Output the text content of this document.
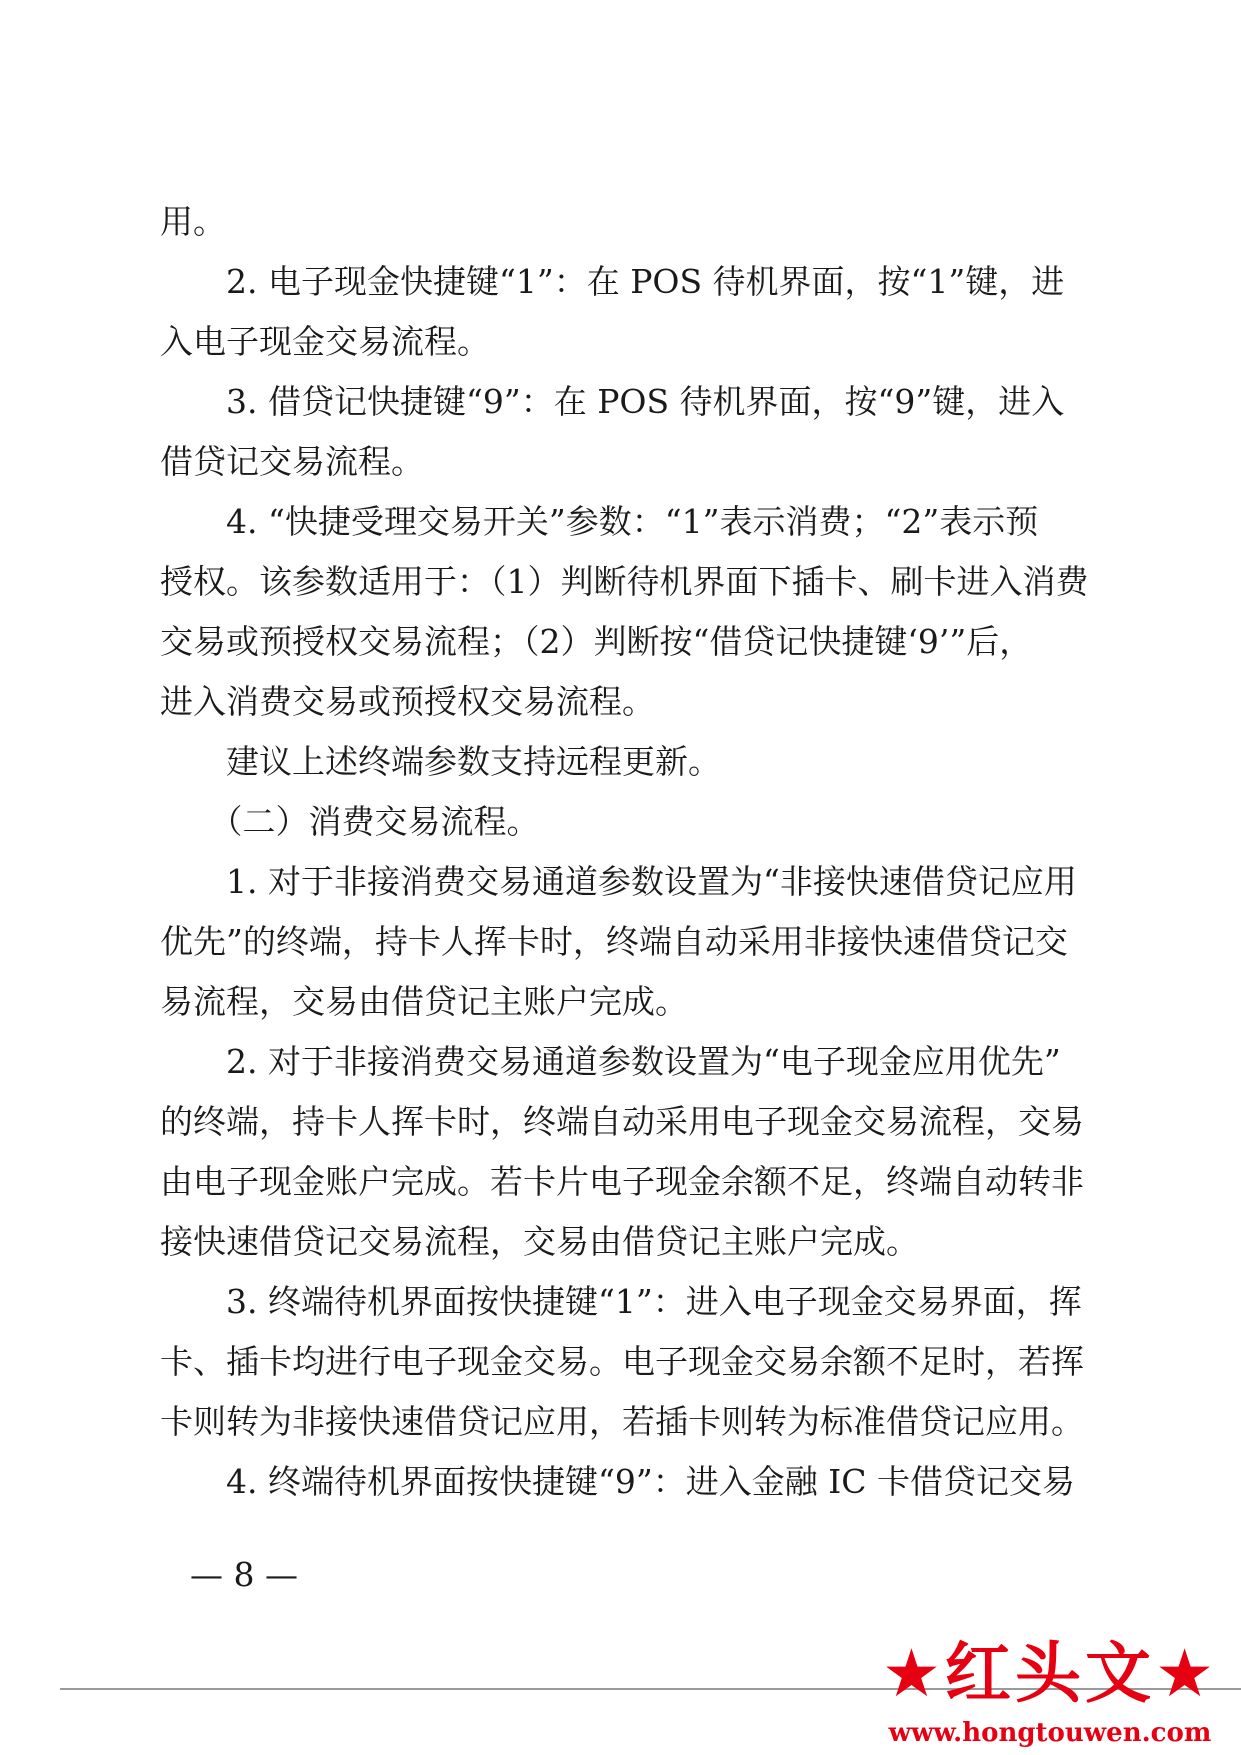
用。
　　2. 电子现金快捷键“1”：在 POS 待机界面，按“1”键，进
入电子现金交易流程。
　　3. 借贷记快捷键“9”：在 POS 待机界面，按“9”键，进入
借贷记交易流程。
　　4. “快捷受理交易开关”参数：“1”表示消费；“2”表示预
授权。该参数适用于：（1）判断待机界面下插卡、刷卡进入消费
交易或预授权交易流程；（2）判断按“借贷记快捷键‘9’”后，
进入消费交易或预授权交易流程。
　　建议上述终端参数支持远程更新。
　　（二）消费交易流程。
　　1. 对于非接消费交易通道参数设置为“非接快速借贷记应用
优先”的终端，持卡人挥卡时，终端自动采用非接快速借贷记交
易流程，交易由借贷记主账户完成。
　　2. 对于非接消费交易通道参数设置为“电子现金应用优先”
的终端，持卡人挥卡时，终端自动采用电子现金交易流程，交易
由电子现金账户完成。若卡片电子现金余额不足，终端自动转非
接快速借贷记交易流程，交易由借贷记主账户完成。
　　3. 终端待机界面按快捷键“1”：进入电子现金交易界面，挥
卡、插卡均进行电子现金交易。电子现金交易余额不足时，若挥
卡则转为非接快速借贷记应用，若插卡则转为标准借贷记应用。
　　4. 终端待机界面按快捷键“9”：进入金融 IC 卡借贷记交易
— 8 —
★红头文★
www.hongtouwen.com
